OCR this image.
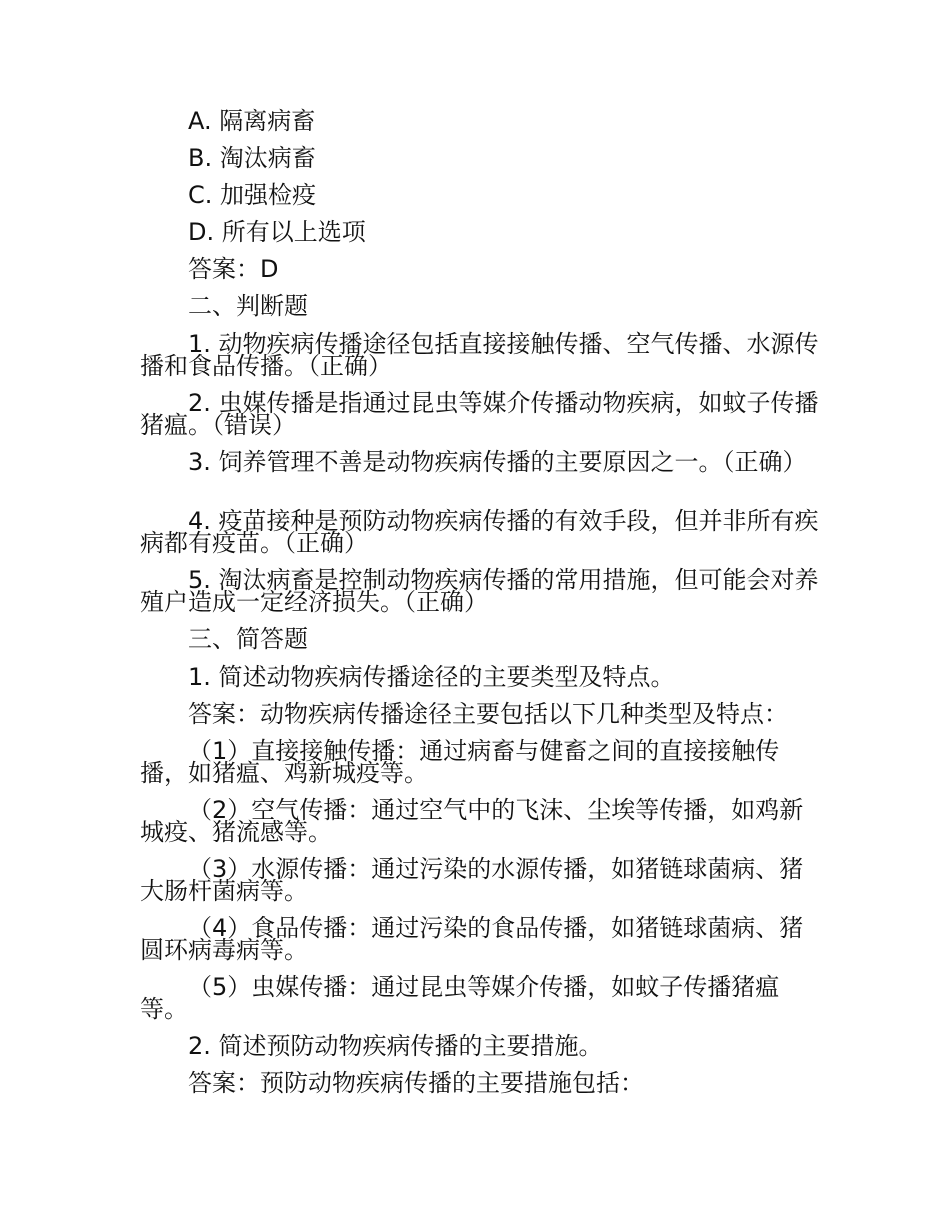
A. 隔离病畜

B. 淘汰病畜

C. 加强检疫

D. 所有以上选项

答案：D

二、判断题

1. 动物疾病传播途径包括直接接触传播、空气传播、水源传播和食品传播。（正确）

2. 虫媒传播是指通过昆虫等媒介传播动物疾病，如蚊子传播猪瘟。（错误）

3. 饲养管理不善是动物疾病传播的主要原因之一。（正确）

4. 疫苗接种是预防动物疾病传播的有效手段，但并非所有疾病都有疫苗。（正确）

5. 淘汰病畜是控制动物疾病传播的常用措施，但可能会对养殖户造成一定经济损失。（正确）

三、简答题

1. 简述动物疾病传播途径的主要类型及特点。

答案：动物疾病传播途径主要包括以下几种类型及特点：

（1）直接接触传播：通过病畜与健畜之间的直接接触传播，如猪瘟、鸡新城疫等。

（2）空气传播：通过空气中的飞沫、尘埃等传播，如鸡新城疫、猪流感等。

（3）水源传播：通过污染的水源传播，如猪链球菌病、猪大肠杆菌病等。

（4）食品传播：通过污染的食品传播，如猪链球菌病、猪圆环病毒病等。

（5）虫媒传播：通过昆虫等媒介传播，如蚊子传播猪瘟等。

2. 简述预防动物疾病传播的主要措施。

答案：预防动物疾病传播的主要措施包括：
